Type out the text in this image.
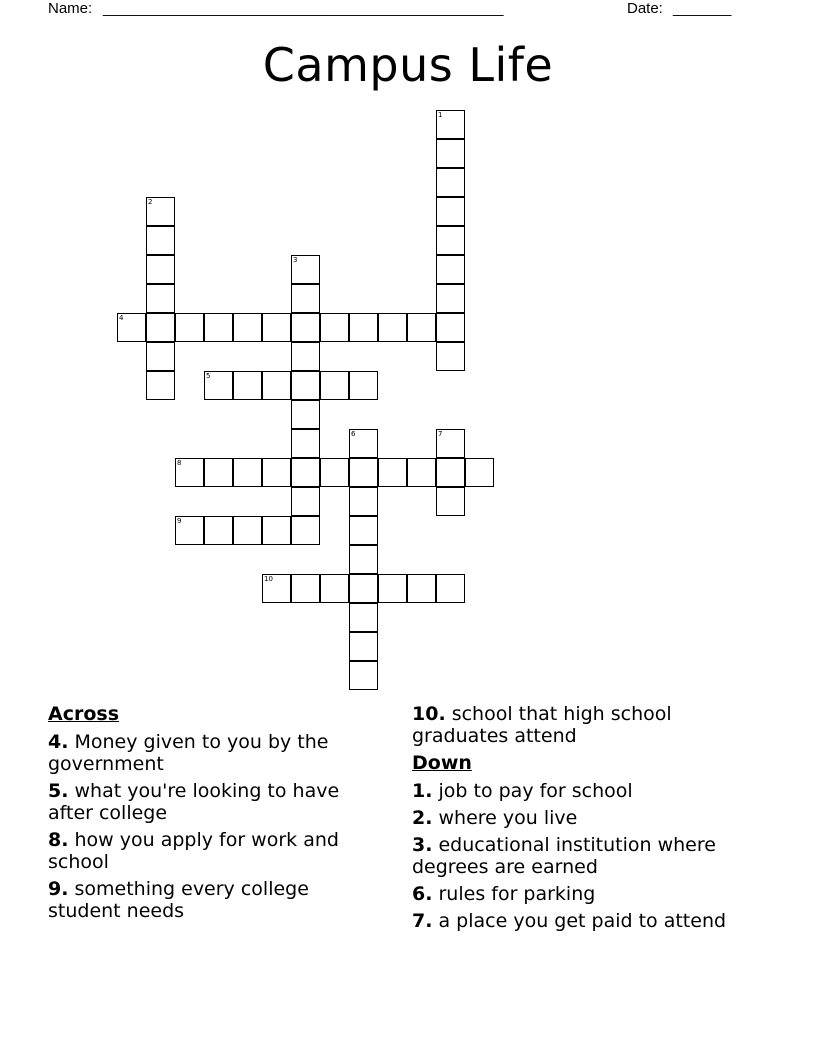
Name: ________________________________________________	Date: _______
Campus Life
1
2
3
4
5
6	7
8
9
10
Across
4. Money given to you by the government
5. what you're looking to have after college
8. how you apply for work and school
9. something every college student needs
10. school that high school graduates attend
Down
1. job to pay for school
2. where you live
3. educational institution where degrees are earned
6. rules for parking
7. a place you get paid to attend
